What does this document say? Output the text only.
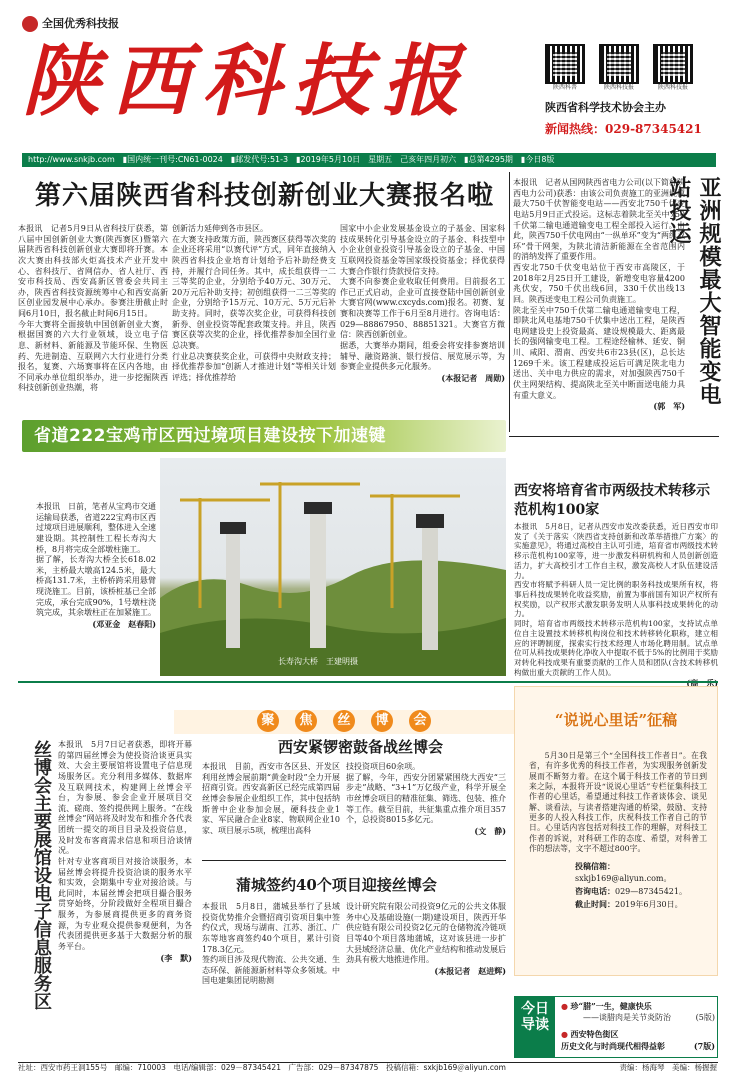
全国优秀科技报
陕西科技报	陕西科普	陕西科技报	陕西科技报
陕西省科学技术协会主办
新闻热线：029-87345421
http://www.snkjb.com　▮国内统一刊号:CN61-0024　▮邮发代号:51-3　▮2019年5月10日　 星期五　 己亥年四月初六　▮总第4295期　▮今日8版
第六届陕西省科技创新创业大赛报名啦
本报讯　记者5月9日从省科技厅获悉，第八届中国创新创业大赛(陕西赛区)暨第六届陕西省科技创新创业大赛即将开赛。本次大赛由科技部火炬高技术产业开发中心、省科技厅、省网信办、省人社厅、西安市科技局、西安高新区管委会共同主办，陕西省科技资源统筹中心和西安高新区创业园发展中心承办。参赛注册截止时间6月10日，报名截止时间6月15日。
今年大赛将全面接轨中国创新创业大赛，根据国赛的六大行业领域，设立电子信息、新材料、新能源及节能环保、生物医药、先进制造、互联网六大行业进行分类报名，复赛、六场赛事将在区内各地，由不同承办单位组织举办，进一步挖掘陕西科技创新创业热潮，将
创新活力延伸到各市县区。
在大赛支持政策方面，陕西赛区获得等次奖的企业还将采用“以赛代评”方式，同年直接纳入陕西省科技企业培育计划给予后补助经费支持，并履行合同任务。其中，成长组获得一二三等奖的企业，分别给予40万元、30万元、20万元后补助支持；初创组获得一二三等奖的企业，分别给予15万元、10万元、5万元后补助支持。同时，获等次奖企业，可获得科技创新券、创业投资等配套政策支持。并且，陕西赛区获等次奖的企业，择优推荐参加全国行业总决赛。
行业总决赛获奖企业，可获得中央财政支持；择优推荐参加“创新人才推进计划”等相关计划评选；择优推荐给
国家中小企业发展基金设立的子基金、国家科技成果转化引导基金设立的子基金、科技型中小企业创业投资引导基金设立的子基金、中国互联网投资基金等国家级投资基金；择优获得大赛合作银行贷款授信支持。
大赛不向参赛企业收取任何费用。目前报名工作已正式启动，企业可直接登陆中国创新创业大赛官网(www.cxcyds.com)报名。初赛、复赛和决赛等工作于6月至8月进行。咨询电话：029—88867950、88851321。大赛官方微信：陕西创新创业。
据悉，大赛举办期间，组委会将安排参赛培训辅导、融资路演、银行授信、展览展示等，为参赛企业提供多元化服务。
(本报记者　周勋)
本报讯　记者从国网陕西省电力公司(以下简称陕西电力公司)获悉：由该公司负责施工的亚洲规模最大750千伏智能变电站——西安北750千伏变电站5月9日正式投运。这标志着陕北至关中750千伏第二输电通道输变电工程全部投入运行。由此，陕西750千伏电网由“一纵单环”变为“两纵双环”骨干网架，为陕北清洁新能源在全省范围内的消纳发挥了重要作用。
西安北750千伏变电站位于西安市高陵区，于2018年2月25日开工建设，新增变电容量4200兆伏安，750千伏出线6回，330千伏出线13回。陕西送变电工程公司负责施工。
陕北至关中750千伏第二输电通道输变电工程，即陕北风电基地750千伏集中送出工程，是陕西电网建设史上投资最高、建设规模最大、距离最长的强网输变电工程。工程途经榆林、延安、铜川、咸阳、渭南、西安共6市23县(区)，总长达1269千米。该工程建成投运后可满足陕北电力送出、关中电力供应的需求，对加强陕西750千伏主网架结构、提高陕北至关中断面送电能力具有重大意义。
(郭　军)
亚洲规模最大智能变电站投运
省道222宝鸡市区西过境项目建设按下加速键
本报讯　日前，笔者从宝鸡市交通运输局获悉，省道222宝鸡市区西过境项目进展顺利，整体进入全速建设期。其控制性工程长寿沟大桥，8月将完成全部墩柱施工。
据了解，长寿沟大桥全长618.02米，主桥最大墩高124.5米，最大桥高131.7米，主桥桥跨采用悬臂现浇施工。目前，该桥桩基已全部完成，承台完成90%，1号墩柱浇筑完成，其余墩柱正在加紧施工。
(邓亚金　赵春阳)
长寿沟大桥　王建明摄
西安将培育省市两级技术转移示范机构100家
本报讯　5月8日，记者从西安市发改委获悉，近日西安市印发了《关于落实〈陕西省支持创新和改革举措推广方案〉的实施意见》，将通过高校自主认可引进，培育省市两级技术转移示范机构100家等，进一步激发科研机构和人员创新创造活力，扩大高校引才工作自主权，激发高校人才队伍建设活力。
西安市将赋予科研人员一定比例的职务科技成果所有权，将事后科技成果转化收益奖励，前置为事前国有知识产权所有权奖励，以产权形式激发职务发明人从事科技成果转化的动力。
同时，培育省市两级技术转移示范机构100家，支持试点单位自主设置技术转移机构岗位和技术转移转化职称，建立相应的评聘制度，探索实行技术经理人市场化聘用制。试点单位可从科技成果转化净收入中提取不低于5%的比例用于奖励对转化科技成果有重要贡献的工作人员和团队(含技术转移机构做出重大贡献的工作人员)。
聚 焦 丝 博 会
丝博会主要展馆设电子信息服务区 本报讯　5月7日记者获悉，即将开幕的第四届丝博会为使投资洽谈更具实效、大会主要展馆将设置电子信息现场服务区。充分利用多媒体、数据库及互联网技术，构建网上丝博会平台，为参展、参会企业开展项目交流、磋商、签约提供网上服务。“在线丝博会”网站将及时发布和推介各代表团统一提交的项目目录及投资信息，及时发布客商需求信息和项目洽谈情况。
针对专业客商项目对接洽谈服务，本届丝博会将提升投资洽谈的服务水平和实效，会期集中专业对接洽谈。与此同时，本届丝博会把项目撮合服务贯穿始终，分阶段做好全程项目撮合服务，为参展商提供更多的商务资源，为专业观众提供参观便利，为各代表团提供更多基于大数据分析的服务平台。
(李　默)
西安紧锣密鼓备战丝博会
本报讯　目前，西安市各区县、开发区利用丝博会展前期“黄金时段”全力开展招商引资。西安高新区已经完成第四届丝博会参展企业组织工作，其中包括纳斯普中企业参加会展，硬科技企业1家、军民融合企业8家、物联网企业10家、项目展示5项，梳理出高科
技投资项目60余项。
据了解，今年，西安分团紧紧围绕大西安“三步走”战略、“3+1”万亿级产业，科学开展全市丝博会项目的精准征集、筛选、包装、推介等工作。截至目前，共征集重点推介项目357个，总投资8015多亿元。
(文　静)
蒲城签约40个项目迎接丝博会
本报讯　5月8日，蒲城县举行了县域投资优势推介会暨招商引资项目集中签约仪式，现场与湖南、江苏、浙江、广东等地客商签约40个项目，累计引资178.3亿元。
签约项目涉及现代物流、公共交通、生态环保、新能源新材料等众多领域。中国电建集团昆明勘测
设计研究院有限公司投资9亿元的公共文体服务中心及基础设施(一期)建设项目，陕西开华供应链有限公司投资2亿元的仓储物流冷链项目等40个项目落地蒲城，这对该县进一步扩大县域经济总量、优化产业结构和推动发展后劲具有极大地推进作用。
(本报记者　赵进辉)
“说说心里话”征稿
5月30日是第三个“全国科技工作者日”。在我省，有许多优秀的科技工作者，为实现服务创新发展而不断努力着。在这个属于科技工作者的节日到来之际，本报将开设“说说心里话”专栏征集科技工作者的心里话，希望通过科技工作者谈体会、谈见解、谈看法，与读者搭建沟通的桥梁，鼓励、支持更多的人投入科技工作，庆祝科技工作者自己的节日。心里话内容包括对科技工作的理解，对科技工作者的诉说，对科研工作的态度、希望，对科普工作的想法等，文字不超过800字。
投稿信箱：sxkjb169@aliyun.com。
咨询电话：029—87345421。
截止时间：2019年6月30日。
今日导读
● 珍“腊”一生，健康快乐
——谈腊肉是关节炎防治	(5版)
● 西安特色街区
历史文化与时尚现代相得益彰	(7版)
社址：西安市药王洞155号　邮编：710003　电话/编辑部：029－87345421　广告部：029－87347875　投稿信箱：sxkjb169＠aliyun.com	责编：杨海琴　美编：杨握握
